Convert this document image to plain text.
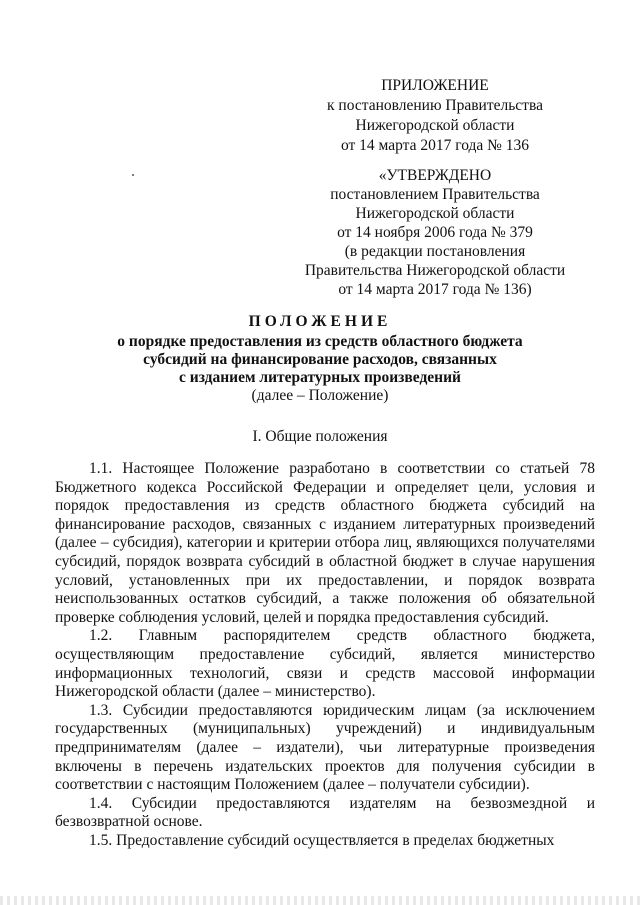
ПРИЛОЖЕНИЕ
к постановлению Правительства
Нижегородской области
от 14 марта 2017 года № 136
«УТВЕРЖДЕНО
постановлением Правительства
Нижегородской области
от 14 ноября 2006 года № 379
(в редакции постановления
Правительства Нижегородской области
от 14 марта 2017 года № 136)
ПОЛОЖЕНИЕ
о порядке предоставления из средств областного бюджета
субсидий на финансирование расходов, связанных
с изданием литературных произведений
(далее – Положение)
I. Общие положения

1.1. Настоящее Положение разработано в соответствии со статьей 78 Бюджетного кодекса Российской Федерации и определяет цели, условия и порядок предоставления из средств областного бюджета субсидий на финансирование расходов, связанных с изданием литературных произведений (далее – субсидия), категории и критерии отбора лиц, являющихся получателями субсидий, порядок возврата субсидий в областной бюджет в случае нарушения условий, установленных при их предоставлении, и порядок возврата неиспользованных остатков субсидий, а также положения об обязательной проверке соблюдения условий, целей и порядка предоставления субсидий.

1.2. Главным распорядителем средств областного бюджета, осуществляющим предоставление субсидий, является министерство информационных технологий, связи и средств массовой информации Нижегородской области (далее – министерство).

1.3. Субсидии предоставляются юридическим лицам (за исключением государственных (муниципальных) учреждений) и индивидуальным предпринимателям (далее – издатели), чьи литературные произведения включены в перечень издательских проектов для получения субсидии в соответствии с настоящим Положением (далее – получатели субсидии).

1.4. Субсидии предоставляются издателям на безвозмездной и безвозвратной основе.

1.5. Предоставление субсидий осуществляется в пределах бюджетных
